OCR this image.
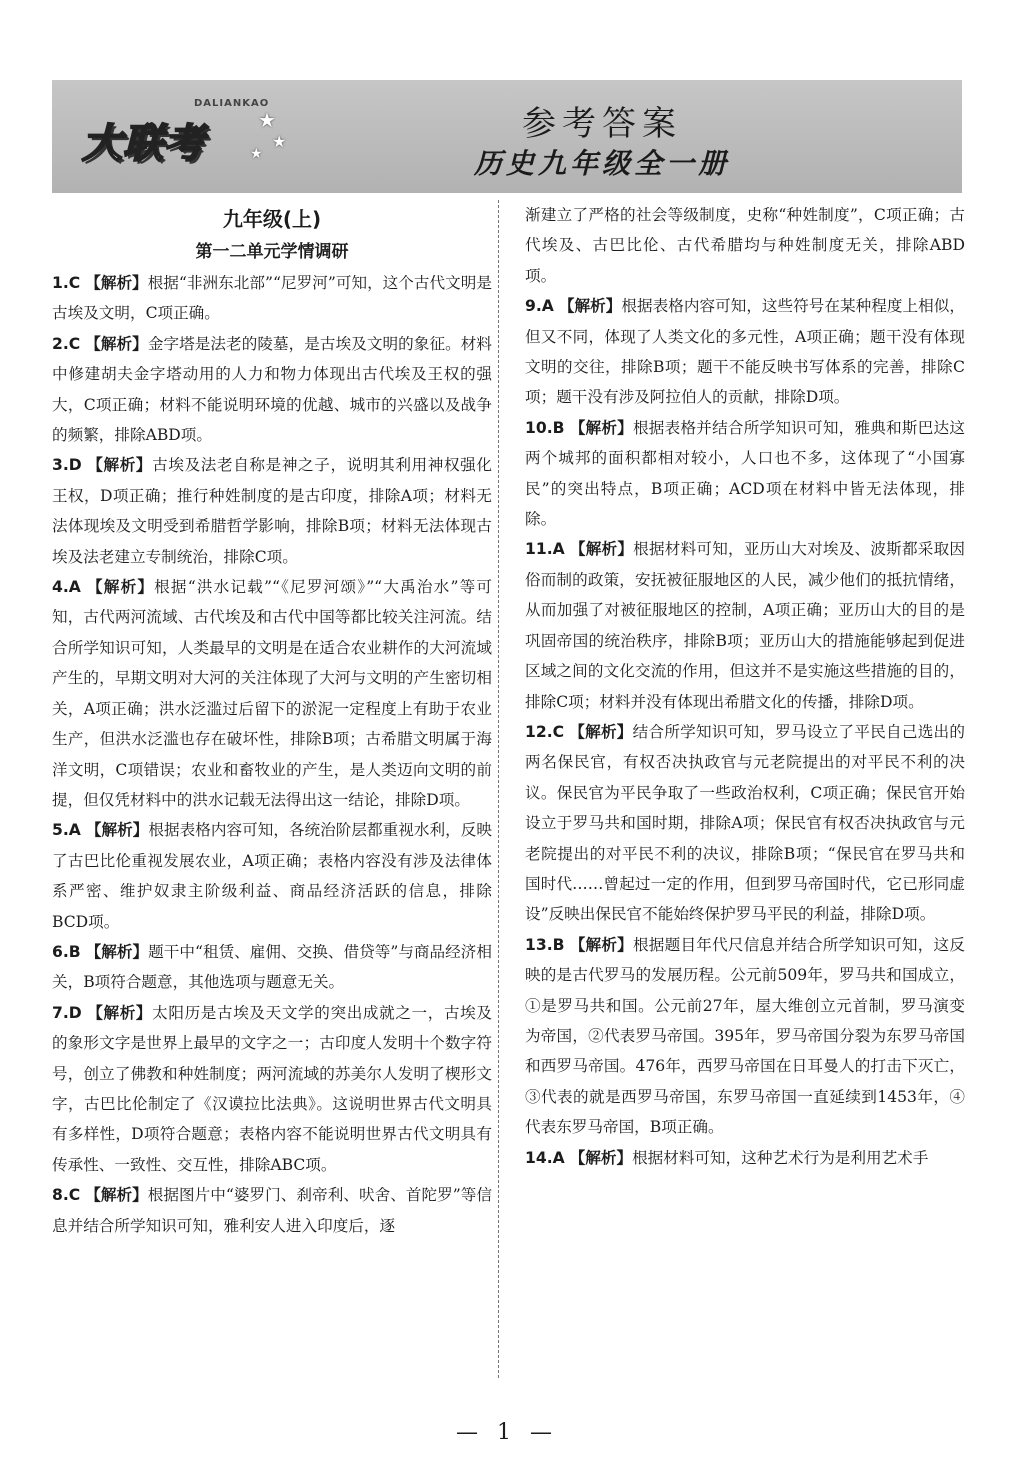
DALIANKAO
大联考
★
★
★
参考答案
历史九年级全一册
九年级(上)
第一二单元学情调研

1.C 【解析】根据“非洲东北部”“尼罗河”可知，这个古代文明是古埃及文明，C项正确。

2.C 【解析】金字塔是法老的陵墓，是古埃及文明的象征。材料中修建胡夫金字塔动用的人力和物力体现出古代埃及王权的强大，C项正确；材料不能说明环境的优越、城市的兴盛以及战争的频繁，排除ABD项。

3.D 【解析】古埃及法老自称是神之子，说明其利用神权强化王权，D项正确；推行种姓制度的是古印度，排除A项；材料无法体现埃及文明受到希腊哲学影响，排除B项；材料无法体现古埃及法老建立专制统治，排除C项。

4.A 【解析】根据“洪水记载”“《尼罗河颂》”“大禹治水”等可知，古代两河流域、古代埃及和古代中国等都比较关注河流。结合所学知识可知，人类最早的文明是在适合农业耕作的大河流域产生的，早期文明对大河的关注体现了大河与文明的产生密切相关，A项正确；洪水泛滥过后留下的淤泥一定程度上有助于农业生产，但洪水泛滥也存在破坏性，排除B项；古希腊文明属于海洋文明，C项错误；农业和畜牧业的产生，是人类迈向文明的前提，但仅凭材料中的洪水记载无法得出这一结论，排除D项。

5.A 【解析】根据表格内容可知，各统治阶层都重视水利，反映了古巴比伦重视发展农业，A项正确；表格内容没有涉及法律体系严密、维护奴隶主阶级利益、商品经济活跃的信息，排除BCD项。

6.B 【解析】题干中“租赁、雇佣、交换、借贷等”与商品经济相关，B项符合题意，其他选项与题意无关。

7.D 【解析】太阳历是古埃及天文学的突出成就之一，古埃及的象形文字是世界上最早的文字之一；古印度人发明十个数字符号，创立了佛教和种姓制度；两河流域的苏美尔人发明了楔形文字，古巴比伦制定了《汉谟拉比法典》。这说明世界古代文明具有多样性，D项符合题意；表格内容不能说明世界古代文明具有传承性、一致性、交互性，排除ABC项。

8.C 【解析】根据图片中“婆罗门、刹帝利、吠舍、首陀罗”等信息并结合所学知识可知，雅利安人进入印度后，逐

渐建立了严格的社会等级制度，史称“种姓制度”，C项正确；古代埃及、古巴比伦、古代希腊均与种姓制度无关，排除ABD项。

9.A 【解析】根据表格内容可知，这些符号在某种程度上相似，但又不同，体现了人类文化的多元性，A项正确；题干没有体现文明的交往，排除B项；题干不能反映书写体系的完善，排除C项；题干没有涉及阿拉伯人的贡献，排除D项。

10.B 【解析】根据表格并结合所学知识可知，雅典和斯巴达这两个城邦的面积都相对较小，人口也不多，这体现了“小国寡民”的突出特点，B项正确；ACD项在材料中皆无法体现，排除。

11.A 【解析】根据材料可知，亚历山大对埃及、波斯都采取因俗而制的政策，安抚被征服地区的人民，减少他们的抵抗情绪，从而加强了对被征服地区的控制，A项正确；亚历山大的目的是巩固帝国的统治秩序，排除B项；亚历山大的措施能够起到促进区域之间的文化交流的作用，但这并不是实施这些措施的目的，排除C项；材料并没有体现出希腊文化的传播，排除D项。

12.C 【解析】结合所学知识可知，罗马设立了平民自己选出的两名保民官，有权否决执政官与元老院提出的对平民不利的决议。保民官为平民争取了一些政治权利，C项正确；保民官开始设立于罗马共和国时期，排除A项；保民官有权否决执政官与元老院提出的对平民不利的决议，排除B项；“保民官在罗马共和国时代……曾起过一定的作用，但到罗马帝国时代，它已形同虚设”反映出保民官不能始终保护罗马平民的利益，排除D项。

13.B 【解析】根据题目年代尺信息并结合所学知识可知，这反映的是古代罗马的发展历程。公元前509年，罗马共和国成立，①是罗马共和国。公元前27年，屋大维创立元首制，罗马演变为帝国，②代表罗马帝国。395年，罗马帝国分裂为东罗马帝国和西罗马帝国。476年，西罗马帝国在日耳曼人的打击下灭亡，③代表的就是西罗马帝国，东罗马帝国一直延续到1453年，④代表东罗马帝国，B项正确。

14.A 【解析】根据材料可知，这种艺术行为是利用艺术手

— 1 —
